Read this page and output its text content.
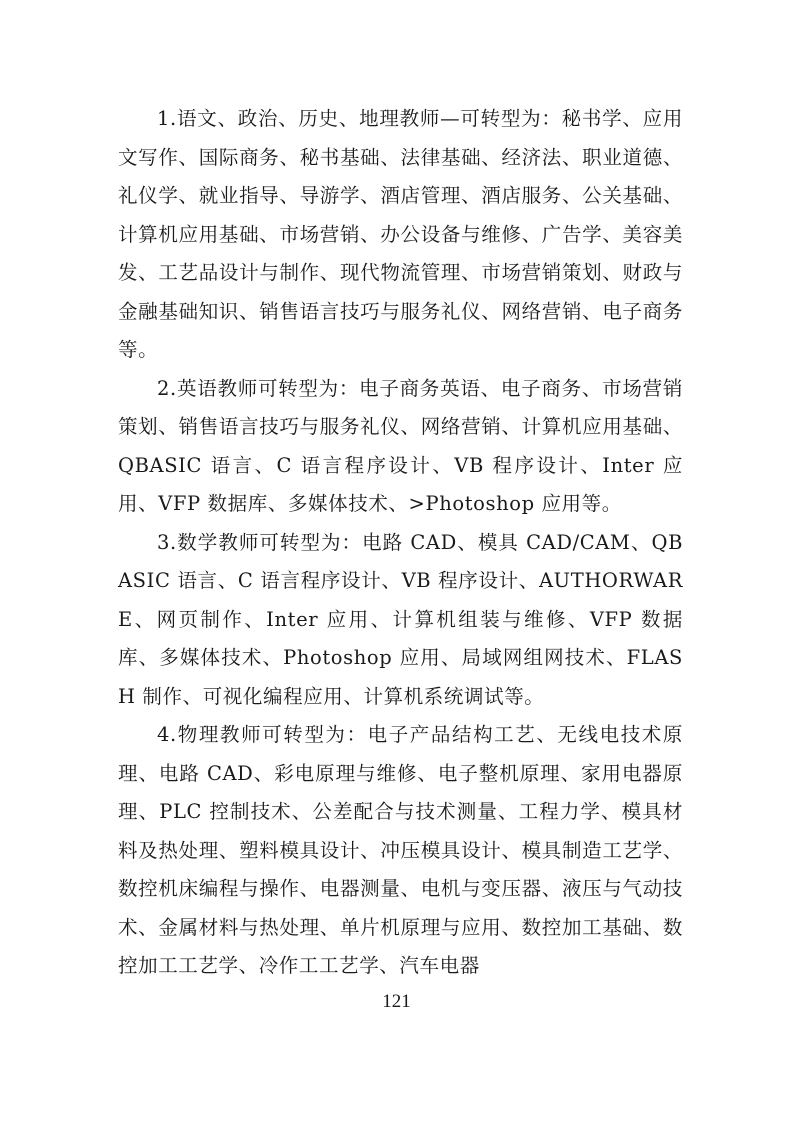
1.语文、政治、历史、地理教师—可转型为：秘书学、应用文写作、国际商务、秘书基础、法律基础、经济法、职业道德、礼仪学、就业指导、导游学、酒店管理、酒店服务、公关基础、计算机应用基础、市场营销、办公设备与维修、广告学、美容美发、工艺品设计与制作、现代物流管理、市场营销策划、财政与金融基础知识、销售语言技巧与服务礼仪、网络营销、电子商务等。

2.英语教师可转型为：电子商务英语、电子商务、市场营销策划、销售语言技巧与服务礼仪、网络营销、计算机应用基础、QBASIC 语言、C 语言程序设计、VB 程序设计、Inter 应用、VFP 数据库、多媒体技术、>Photoshop 应用等。

3.数学教师可转型为：电路 CAD、模具 CAD/CAM、QBASIC 语言、C 语言程序设计、VB 程序设计、AUTHORWARE、网页制作、Inter 应用、计算机组装与维修、VFP 数据库、多媒体技术、Photoshop 应用、局域网组网技术、FLASH 制作、可视化编程应用、计算机系统调试等。

4.物理教师可转型为：电子产品结构工艺、无线电技术原理、电路 CAD、彩电原理与维修、电子整机原理、家用电器原理、PLC 控制技术、公差配合与技术测量、工程力学、模具材料及热处理、塑料模具设计、冲压模具设计、模具制造工艺学、数控机床编程与操作、电器测量、电机与变压器、液压与气动技术、金属材料与热处理、单片机原理与应用、数控加工基础、数控加工工艺学、冷作工工艺学、汽车电器

121
